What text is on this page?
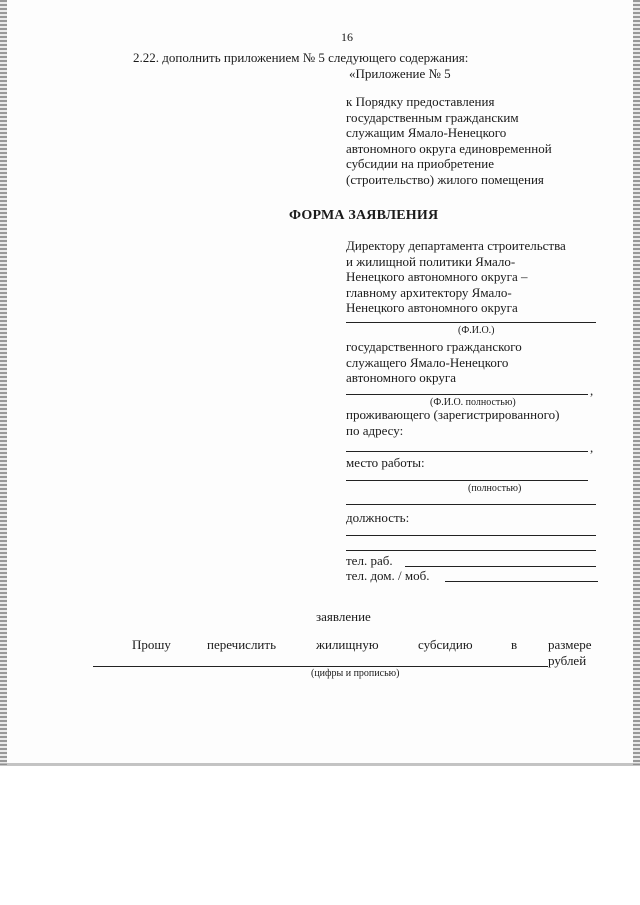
16
2.22. дополнить приложением № 5 следующего содержания:
«Приложение № 5
к Порядку предоставления
государственным гражданским
служащим Ямало-Ненецкого
автономного округа единовременной
субсидии на приобретение
(строительство) жилого помещения
ФОРМА ЗАЯВЛЕНИЯ
Директору департамента строительства
и жилищной политики Ямало-
Ненецкого автономного округа –
главному архитектору Ямало-
Ненецкого автономного округа
(Ф.И.О.)
государственного гражданского
служащего Ямало-Ненецкого
автономного округа
,
(Ф.И.О. полностью)
проживающего (зарегистрированного)
по адресу:
,
место работы:
(полностью)
должность:
тел. раб.
тел. дом. / моб.
заявление
Прошу	перечислить	жилищную	субсидию	в размере
рублей
(цифры и прописью)
